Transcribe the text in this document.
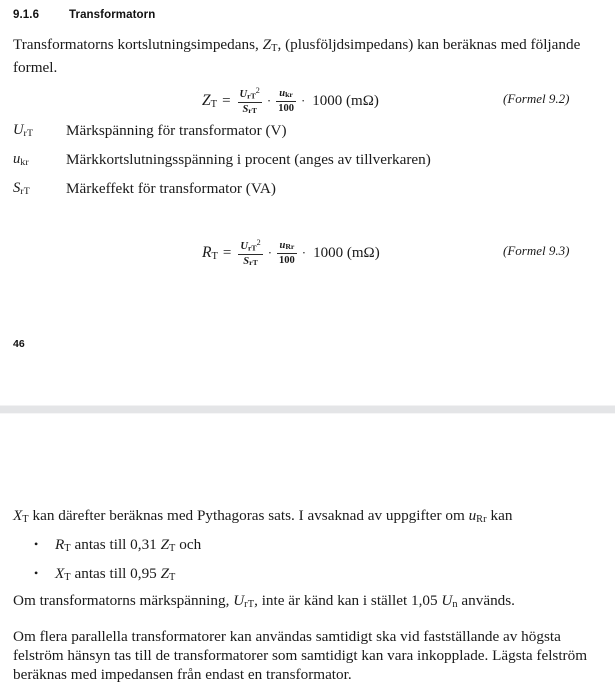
9.1.6	Transformatorn
Transformatorns kortslutningsimpedans, $Z_T$, (plusföljdsimpedans) kan beräknas med följande formel.
$Z_T = \frac{U_{rT}^2}{S_{rT}} \cdot \frac{u_{kr}}{100} \cdot 1000$ (mΩ)	(Formel 9.2)
$U_{rT}$ Märkspänning för transformator (V)
$u_{kr}$ Märkkortslutningsspänning i procent (anges av tillverkaren)
$S_{rT}$ Märkeffekt för transformator (VA)
$R_T = \frac{U_{rT}^2}{S_{rT}} \cdot \frac{u_{Rr}}{100} \cdot 1000$ (mΩ)	(Formel 9.3)
46
$X_T$ kan därefter beräknas med Pythagoras sats. I avsaknad av uppgifter om $u_{Rr}$ kan
• $R_T$ antas till 0,31 $Z_T$ och
• $X_T$ antas till 0,95 $Z_T$
Om transformatorns märkspänning, $U_{rT}$, inte är känd kan i stället 1,05 $U_n$ används.
Om flera parallella transformatorer kan användas samtidigt ska vid fastställande av högsta felström hänsyn tas till de transformatorer som samtidigt kan vara inkopplade. Lägsta felström beräknas med impedansen från endast en transformator.
